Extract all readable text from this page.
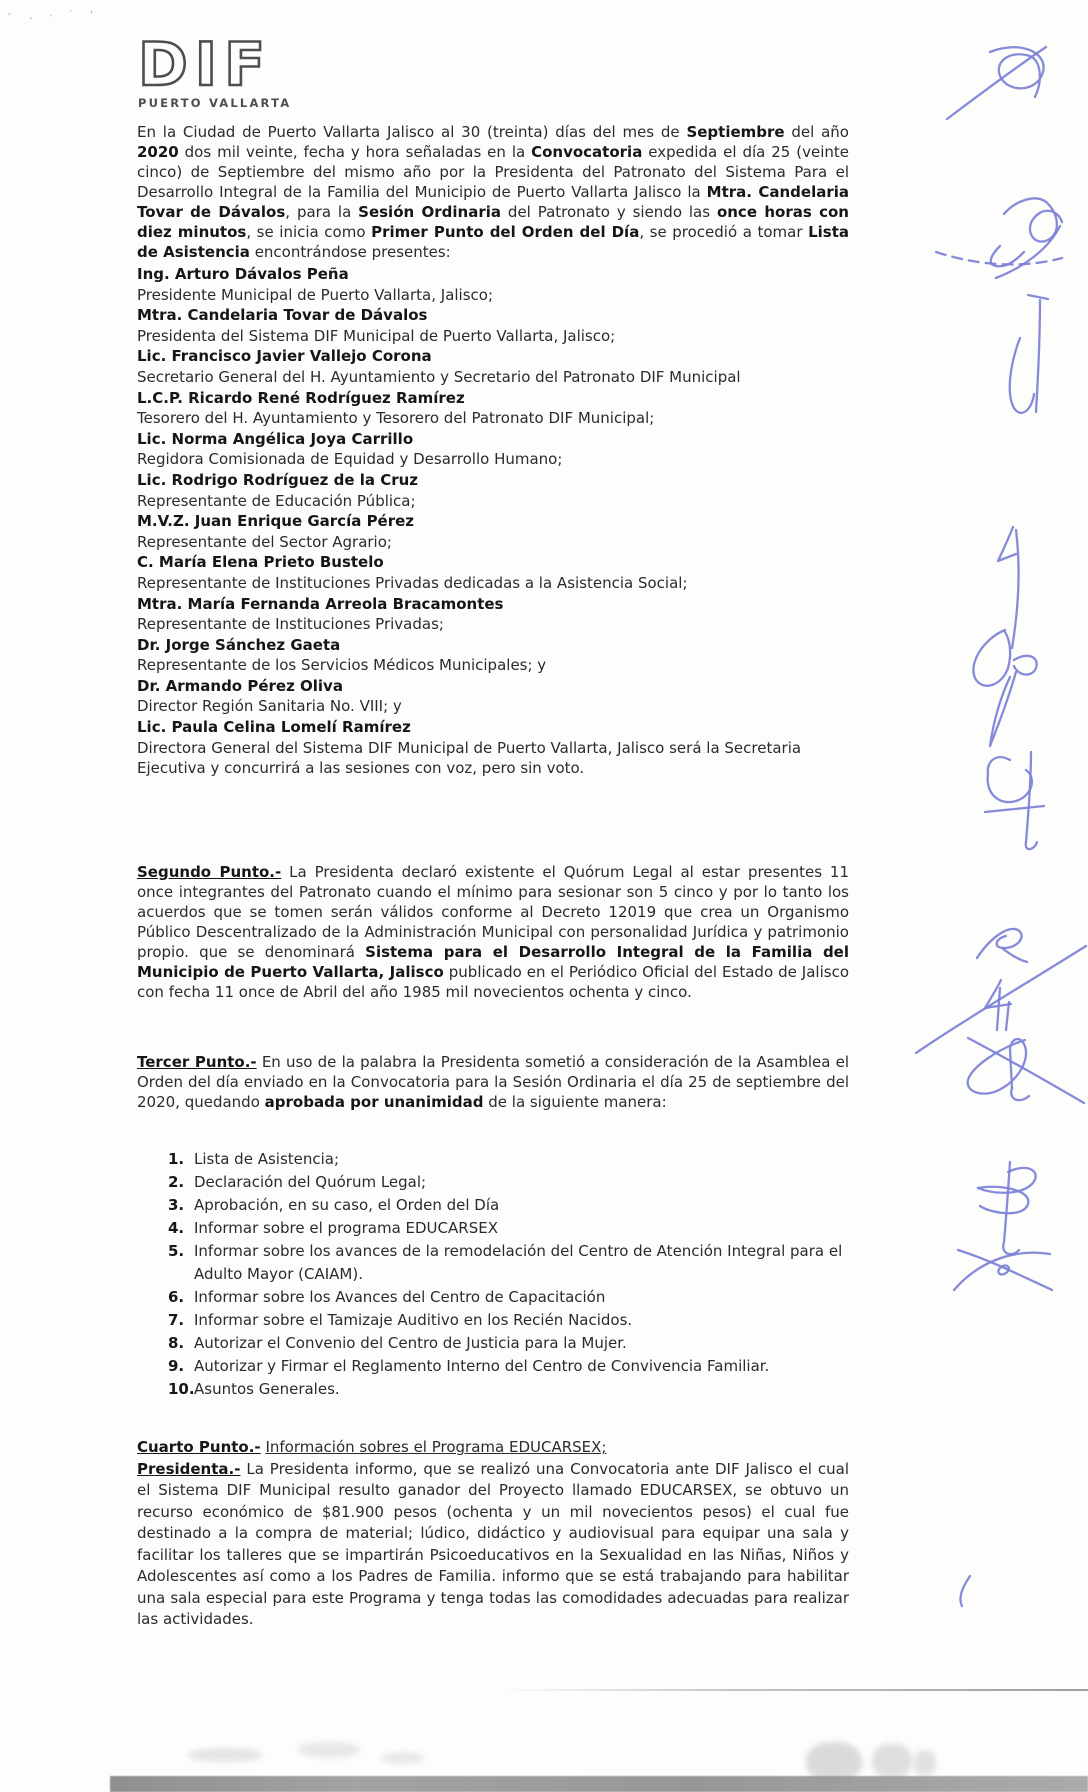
″ , . · ,
DIF
PUERTO VALLARTA
En la Ciudad de Puerto Vallarta Jalisco al 30 (treinta) días del mes de Septiembre del año 2020 dos mil veinte, fecha y hora señaladas en la Convocatoria expedida el día 25 (veinte cinco) de Septiembre del mismo año por la Presidenta del Patronato del Sistema Para el Desarrollo Integral de la Familia del Municipio de Puerto Vallarta Jalisco la Mtra. Candelaria Tovar de Dávalos, para la Sesión Ordinaria del Patronato y siendo las once horas con diez minutos, se inicia como Primer Punto del Orden del Día, se procedió a tomar Lista de Asistencia encontrándose presentes:
Ing. Arturo Dávalos Peña
Presidente Municipal de Puerto Vallarta, Jalisco;
Mtra. Candelaria Tovar de Dávalos
Presidenta del Sistema DIF Municipal de Puerto Vallarta, Jalisco;
Lic. Francisco Javier Vallejo Corona
Secretario General del H. Ayuntamiento y Secretario del Patronato DIF Municipal
L.C.P. Ricardo René Rodríguez Ramírez
Tesorero del H. Ayuntamiento y Tesorero del Patronato DIF Municipal;
Lic. Norma Angélica Joya Carrillo
Regidora Comisionada de Equidad y Desarrollo Humano;
Lic. Rodrigo Rodríguez de la Cruz
Representante de Educación Pública;
M.V.Z. Juan Enrique García Pérez
Representante del Sector Agrario;
C. María Elena Prieto Bustelo
Representante de Instituciones Privadas dedicadas a la Asistencia Social;
Mtra. María Fernanda Arreola Bracamontes
Representante de Instituciones Privadas;
Dr. Jorge Sánchez Gaeta
Representante de los Servicios Médicos Municipales; y
Dr. Armando Pérez Oliva
Director Región Sanitaria No. VIII; y
Lic. Paula Celina Lomelí Ramírez
Directora General del Sistema DIF Municipal de Puerto Vallarta, Jalisco será la Secretaria Ejecutiva y concurrirá a las sesiones con voz, pero sin voto.
Segundo Punto.- La Presidenta declaró existente el Quórum Legal al estar presentes 11 once integrantes del Patronato cuando el mínimo para sesionar son 5 cinco y por lo tanto los acuerdos que se tomen serán válidos conforme al Decreto 12019 que crea un Organismo Público Descentralizado de la Administración Municipal con personalidad Jurídica y patrimonio propio. que se denominará Sistema para el Desarrollo Integral de la Familia del Municipio de Puerto Vallarta, Jalisco publicado en el Periódico Oficial del Estado de Jalisco con fecha 11 once de Abril del año 1985 mil novecientos ochenta y cinco.
Tercer Punto.- En uso de la palabra la Presidenta sometió a consideración de la Asamblea el Orden del día enviado en la Convocatoria para la Sesión Ordinaria el día 25 de septiembre del 2020, quedando aprobada por unanimidad de la siguiente manera:
1. Lista de Asistencia;
2. Declaración del Quórum Legal;
3. Aprobación, en su caso, el Orden del Día
4. Informar sobre el programa EDUCARSEX
5. Informar sobre los avances de la remodelación del Centro de Atención Integral para el Adulto Mayor (CAIAM).
6. Informar sobre los Avances del Centro de Capacitación
7. Informar sobre el Tamizaje Auditivo en los Recién Nacidos.
8. Autorizar el Convenio del Centro de Justicia para la Mujer.
9. Autorizar y Firmar el Reglamento Interno del Centro de Convivencia Familiar.
10. Asuntos Generales.
Cuarto Punto.- Información sobres el Programa EDUCARSEX;
Presidenta.- La Presidenta informo, que se realizó una Convocatoria ante DIF Jalisco el cual el Sistema DIF Municipal resulto ganador del Proyecto llamado EDUCARSEX, se obtuvo un recurso económico de $81.900 pesos (ochenta y un mil novecientos pesos) el cual fue destinado a la compra de material; lúdico, didáctico y audiovisual para equipar una sala y facilitar los talleres que se impartirán Psicoeducativos en la Sexualidad en las Niñas, Niños y Adolescentes así como a los Padres de Familia. informo que se está trabajando para habilitar una sala especial para este Programa y tenga todas las comodidades adecuadas para realizar las actividades.
